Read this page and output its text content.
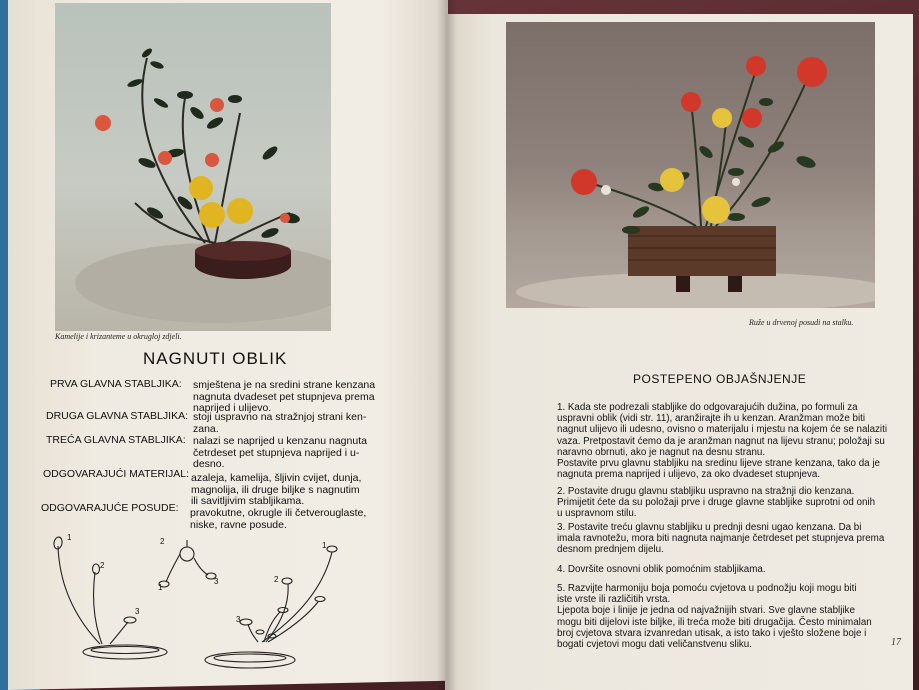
Kamelije i krizanteme u okrugloj zdjeli.
NAGNUTI OBLIK
PRVA GLAVNA STABLJIKA: smještena je na sredini strane kenzana
nagnuta dvadeset pet stupnjeva prema
naprijed i ulijevo.
DRUGA GLAVNA STABLJIKA: stoji uspravno na stražnjoj strani ken-
zana.
TREĆA GLAVNA STABLJIKA: nalazi se naprijed u kenzanu nagnuta
četrdeset pet stupnjeva naprijed i u-
desno.
ODGOVARAJUĆI MATERIJAL: azaleja, kamelija, šljivin cvijet, dunja,
magnolija, ili druge biljke s nagnutim
ili savitljivim stabljikama.
ODGOVARAJUĆE POSUDE: pravokutne, okrugle ili četverouglaste,
niske, ravne posude.
1
2
3
2
1
3
1
2
3
Ruže u drvenoj posudi na stalku.
POSTEPENO OBJAŠNJENJE
1. Kada ste podrezali stabljike do odgovarajućih dužina, po formuli za
uspravni oblik (vidi str. 11), aranžirajte ih u kenzan. Aranžman može biti
nagnut ulijevo ili udesno, ovisno o materijalu i mjestu na kojem će se nalaziti
vaza. Pretpostavit ćemo da je aranžman nagnut na lijevu stranu; položaji su
naravno obrnuti, ako je nagnut na desnu stranu.
Postavite prvu glavnu stabljiku na sredinu lijeve strane kenzana, tako da je
nagnuta prema naprijed i ulijevo, za oko dvadeset stupnjeva.
2. Postavite drugu glavnu stabljiku uspravno na stražnji dio kenzana.
Primijetit ćete da su položaji prve i druge glavne stabljike suprotni od onih
u uspravnom stilu.
3. Postavite treću glavnu stabljiku u prednji desni ugao kenzana. Da bi
imala ravnotežu, mora biti nagnuta najmanje četrdeset pet stupnjeva prema
desnom prednjem dijelu.
4. Dovršite osnovni oblik pomoćnim stabljikama.
5. Razvijte harmoniju boja pomoću cvjetova u podnožju koji mogu biti
iste vrste ili različitih vrsta.
Ljepota boje i linije je jedna od najvažnijih stvari. Sve glavne stabljike
mogu biti dijelovi iste biljke, ili treća može biti drugačija. Često minimalan
broj cvjetova stvara izvanredan utisak, a isto tako i vješto složene boje i
bogati cvjetovi mogu dati veličanstvenu sliku.	17
